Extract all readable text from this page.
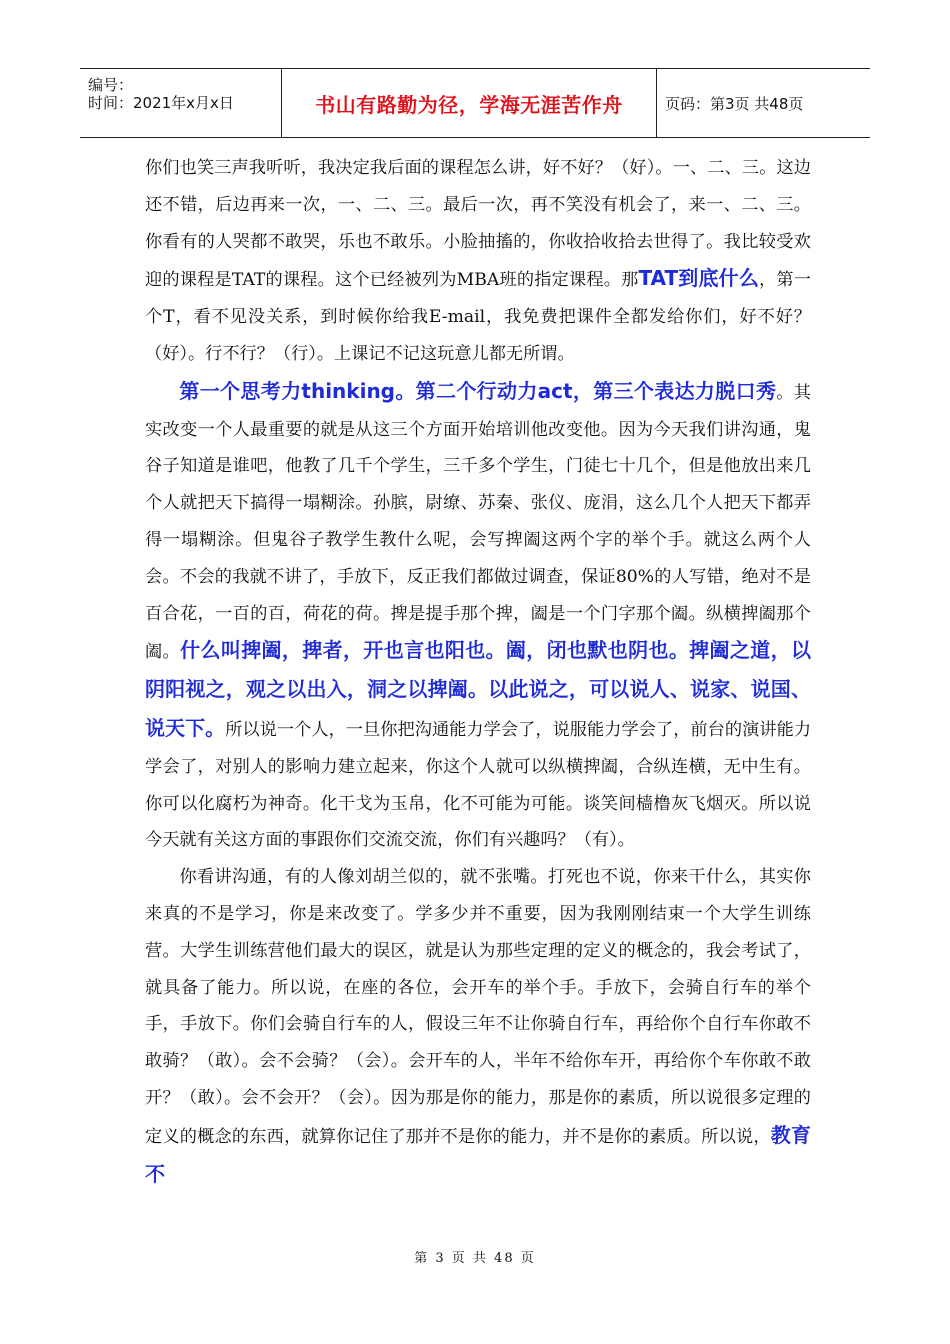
编号：
时间：2021年x月x日	书山有路勤为径，学海无涯苦作舟	页码：第3页 共48页

你们也笑三声我听听，我决定我后面的课程怎么讲，好不好？（好）。一、二、三。这边还不错，后边再来一次，一、二、三。最后一次，再不笑没有机会了，来一、二、三。你看有的人哭都不敢哭，乐也不敢乐。小脸抽搐的，你收拾收拾去世得了。我比较受欢迎的课程是TAT的课程。这个已经被列为MBA班的指定课程。那TAT到底什么，第一个T，看不见没关系，到时候你给我E-mail，我免费把课件全都发给你们，好不好？（好）。行不行？（行）。上课记不记这玩意儿都无所谓。

第一个思考力thinking。第二个行动力act，第三个表达力脱口秀。其实改变一个人最重要的就是从这三个方面开始培训他改变他。因为今天我们讲沟通，鬼谷子知道是谁吧，他教了几千个学生，三千多个学生，门徒七十几个，但是他放出来几个人就把天下搞得一塌糊涂。孙膑，尉缭、苏秦、张仪、庞涓，这么几个人把天下都弄得一塌糊涂。但鬼谷子教学生教什么呢，会写捭阖这两个字的举个手。就这么两个人会。不会的我就不讲了，手放下，反正我们都做过调查，保证80%的人写错，绝对不是百合花，一百的百，荷花的荷。捭是提手那个捭，阖是一个门字那个阖。纵横捭阖那个阖。什么叫捭阖，捭者，开也言也阳也。阖，闭也默也阴也。捭阖之道，以阴阳视之，观之以出入，洞之以捭阖。以此说之，可以说人、说家、说国、说天下。所以说一个人，一旦你把沟通能力学会了，说服能力学会了，前台的演讲能力学会了，对别人的影响力建立起来，你这个人就可以纵横捭阖，合纵连横，无中生有。你可以化腐朽为神奇。化干戈为玉帛，化不可能为可能。谈笑间樯橹灰飞烟灭。所以说今天就有关这方面的事跟你们交流交流，你们有兴趣吗？（有）。

你看讲沟通，有的人像刘胡兰似的，就不张嘴。打死也不说，你来干什么，其实你来真的不是学习，你是来改变了。学多少并不重要，因为我刚刚结束一个大学生训练营。大学生训练营他们最大的误区，就是认为那些定理的定义的概念的，我会考试了，就具备了能力。所以说，在座的各位，会开车的举个手。手放下，会骑自行车的举个手，手放下。你们会骑自行车的人，假设三年不让你骑自行车，再给你个自行车你敢不敢骑？（敢）。会不会骑？（会）。会开车的人，半年不给你车开，再给你个车你敢不敢开？（敢）。会不会开？（会）。因为那是你的能力，那是你的素质，所以说很多定理的定义的概念的东西，就算你记住了那并不是你的能力，并不是你的素质。所以说，教育不

第 3 页 共 48 页
